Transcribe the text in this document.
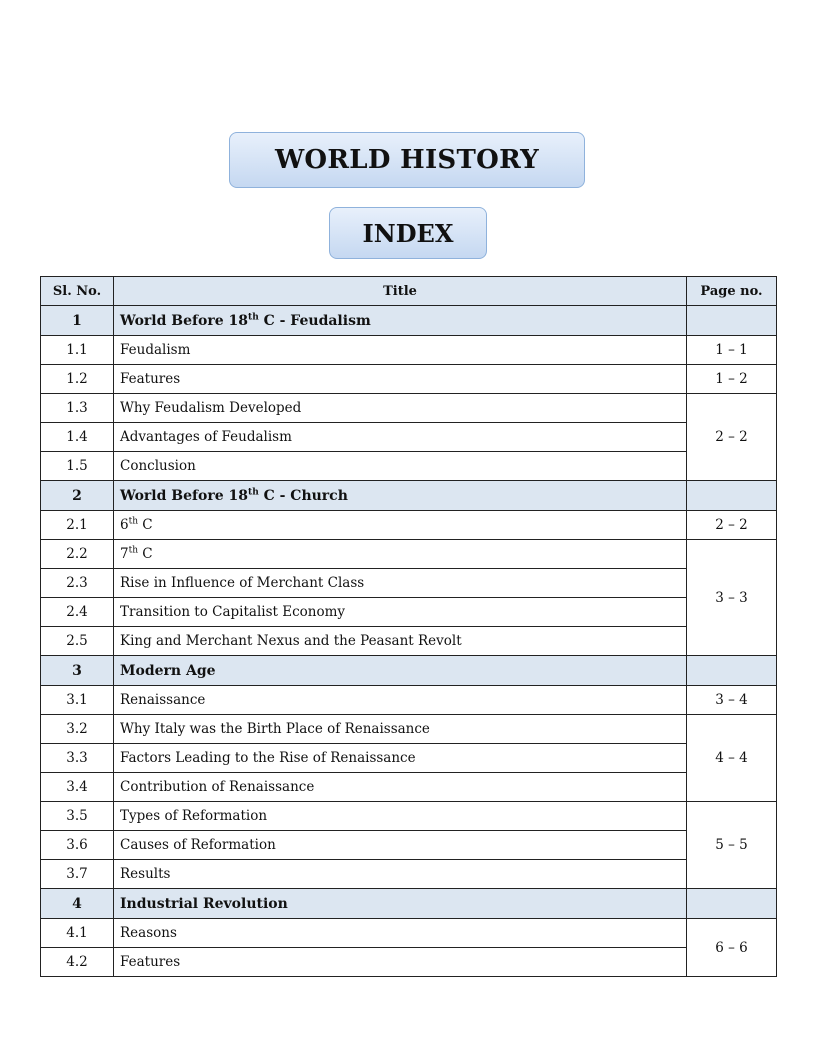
WORLD HISTORY
INDEX
Sl. No.	Title	Page no.
1	World Before 18th C - Feudalism	
1.1	Feudalism	1 – 1
1.2	Features	1 – 2
1.3	Why Feudalism Developed	2 – 2
1.4	Advantages of Feudalism	
1.5	Conclusion	
2	World Before 18th C - Church	
2.1	6th C	2 – 2
2.2	7th C	3 – 3
2.3	Rise in Influence of Merchant Class	
2.4	Transition to Capitalist Economy	
2.5	King and Merchant Nexus and the Peasant Revolt	
3	Modern Age	
3.1	Renaissance	3 – 4
3.2	Why Italy was the Birth Place of Renaissance	4 – 4
3.3	Factors Leading to the Rise of Renaissance	
3.4	Contribution of Renaissance	
3.5	Types of Reformation	5 – 5
3.6	Causes of Reformation	
3.7	Results	
4	Industrial Revolution	
4.1	Reasons	6 – 6
4.2	Features	
